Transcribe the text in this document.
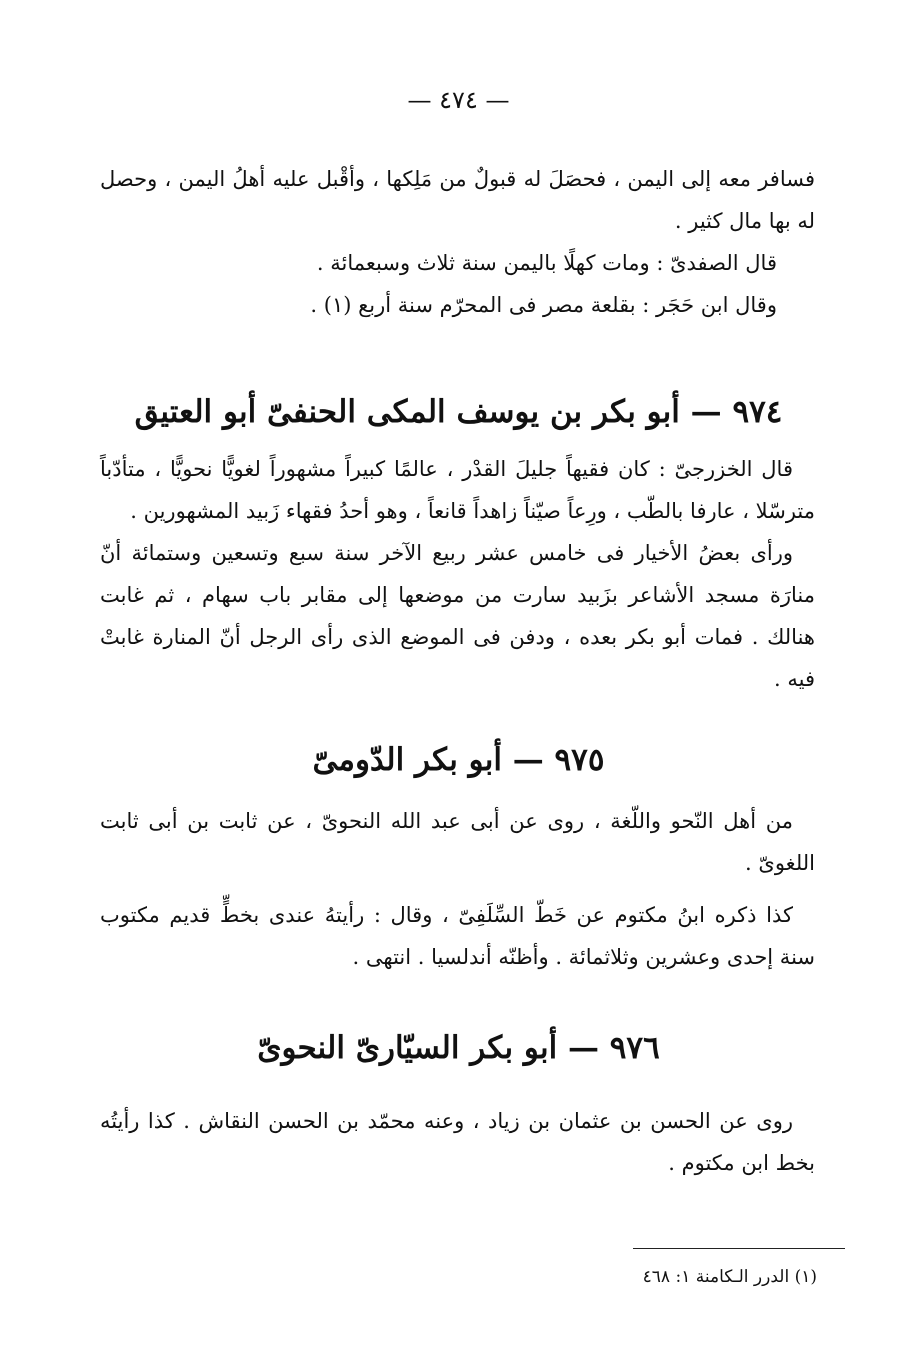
— ٤٧٤ —

فسافر معه إلى اليمن ، فحصَلَ له قبولٌ من مَلِكها ، وأقْبل عليه أهلُ اليمن ، وحصل له بها مال كثير .

قال الصفدىّ : ومات كهلًا باليمن سنة ثلاث وسبعمائة .

وقال ابن حَجَر : بقلعة مصر فى المحرّم سنة أربع (١) .

٩٧٤ — أبو بكر بن يوسف المكى الحنفىّ أبو العتيق

قال الخزرجىّ : كان فقيهاً جليلَ القدْر ، عالمًا كبيراً مشهوراً لغويًّا نحويًّا ، متأدّباً مترسّلا ، عارفا بالطّب ، ورِعاً صيّناً زاهداً قانعاً ، وهو أحدُ فقهاء زَبيد المشهورين .

ورأى بعضُ الأخيار فى خامس عشر ربيع الآخر سنة سبع وتسعين وستمائة أنّ منارَة مسجد الأشاعر بزَبيد سارت من موضعها إلى مقابر باب سهام ، ثم غابت هنالك . فمات أبو بكر بعده ، ودفن فى الموضع الذى رأى الرجل أنّ المنارة غابتْ فيه .

٩٧٥ — أبو بكر الدّومىّ

من أهل النّحو واللّغة ، روى عن أبى عبد الله النحوىّ ، عن ثابت بن أبى ثابت اللغوىّ .

كذا ذكره ابنُ مكتوم عن خَطّ السِّلَفِىّ ، وقال : رأيتهُ عندى بخطٍّ قديم مكتوب سنة إحدى وعشرين وثلاثمائة . وأظنّه أندلسيا . انتهى .

٩٧٦ — أبو بكر السيّارىّ النحوىّ

روى عن الحسن بن عثمان بن زياد ، وعنه محمّد بن الحسن النقاش . كذا رأيتُه بخط ابن مكتوم .

(١) الدرر الـكامنة ١: ٤٦٨
